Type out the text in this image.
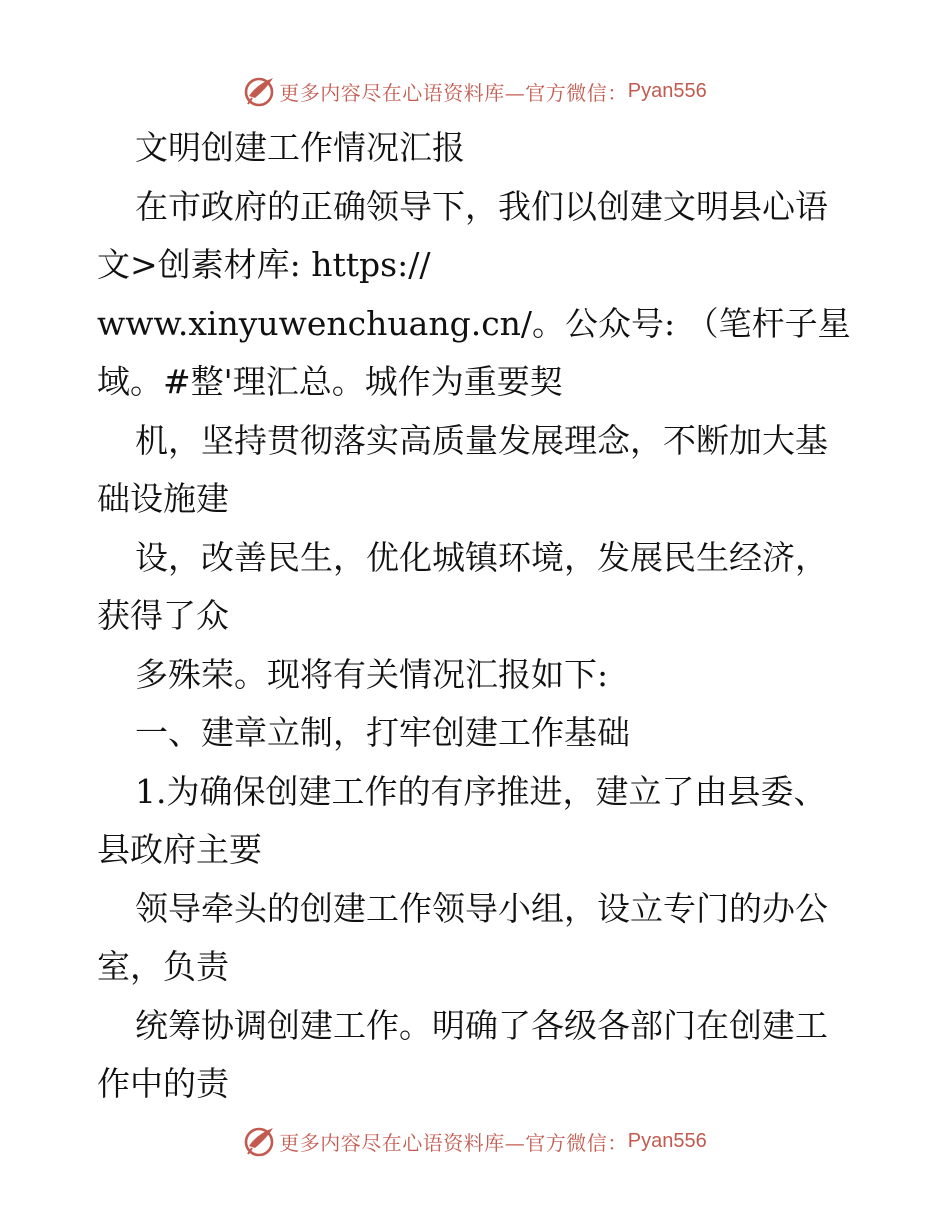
更多内容尽在心语资料库—官方微信： Pyan556
文明创建工作情况汇报
在市政府的正确领导下，我们以创建文明县心语
文>创素材库: https://
www.xinyuwenchuang.cn/。公众号: （笔杆子星
域。#整'理汇总。城作为重要契
机，坚持贯彻落实高质量发展理念，不断加大基
础设施建
设，改善民生，优化城镇环境，发展民生经济，
获得了众
多殊荣。现将有关情况汇报如下:
一、建章立制，打牢创建工作基础
1.为确保创建工作的有序推进，建立了由县委、
县政府主要
领导牵头的创建工作领导小组，设立专门的办公
室，负责
统筹协调创建工作。明确了各级各部门在创建工
作中的责
更多内容尽在心语资料库—官方微信： Pyan556
